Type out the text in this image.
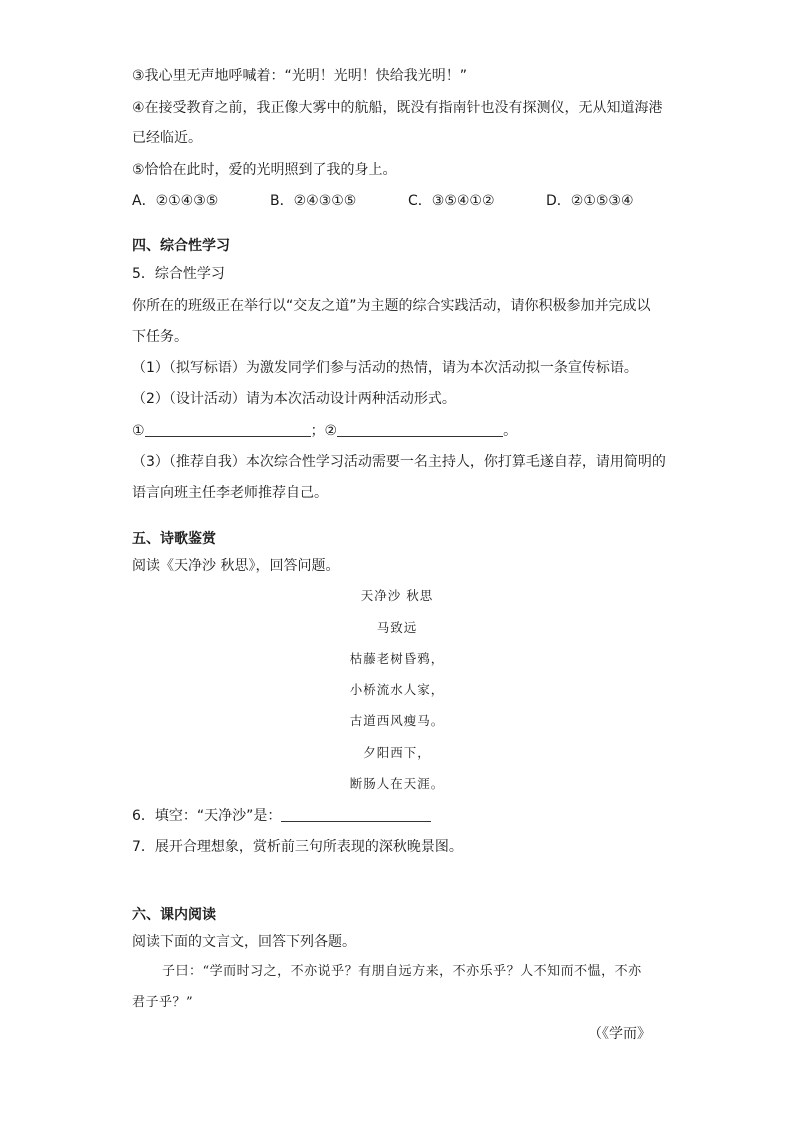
③我心里无声地呼喊着：“光明！光明！快给我光明！”
④在接受教育之前，我正像大雾中的航船，既没有指南针也没有探测仪，无从知道海港
已经临近。
⑤恰恰在此时，爱的光明照到了我的身上。
A．②①④③⑤	B．②④③①⑤	C．③⑤④①②	D．②①⑤③④
四、综合性学习
5．综合性学习
你所在的班级正在举行以“交友之道”为主题的综合实践活动，请你积极参加并完成以
下任务。
（1）（拟写标语）为激发同学们参与活动的热情，请为本次活动拟一条宣传标语。
（2）（设计活动）请为本次活动设计两种活动形式。
①	；②	。
（3）（推荐自我）本次综合性学习活动需要一名主持人，你打算毛遂自荐，请用简明的
语言向班主任李老师推荐自己。
五、诗歌鉴赏
阅读《天净沙 秋思》，回答问题。
天净沙 秋思
马致远
枯藤老树昏鸦，
小桥流水人家，
古道西风瘦马。
夕阳西下，
断肠人在天涯。
6．填空：“天净沙”是：
7．展开合理想象，赏析前三句所表现的深秋晚景图。
六、课内阅读
阅读下面的文言文，回答下列各题。
子曰：“学而时习之，不亦说乎？有朋自远方来，不亦乐乎？人不知而不愠，不亦
君子乎？”
（《学而》
